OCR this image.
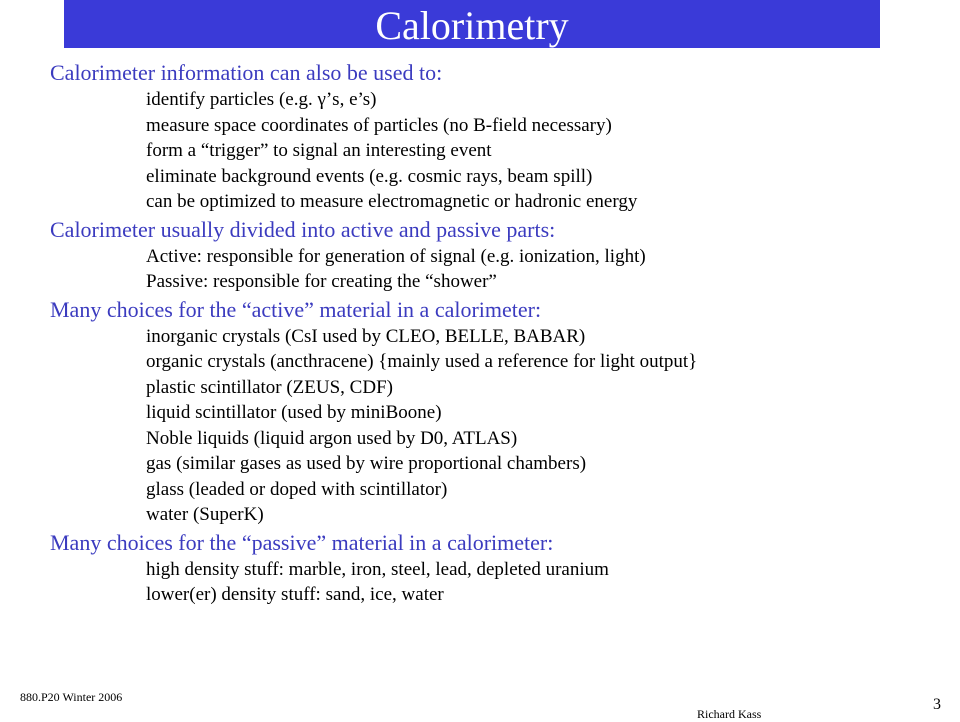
Calorimetry
Calorimeter information can also be used to:
identify particles (e.g. γ’s, e’s)
measure space coordinates of particles (no B-field necessary)
form a “trigger” to signal an interesting event
eliminate background events (e.g. cosmic rays, beam spill)
can be optimized to measure electromagnetic or hadronic energy
Calorimeter usually divided into active and passive parts:
Active: responsible for generation of signal (e.g. ionization, light)
Passive: responsible for creating the “shower”
Many choices for the “active” material in a calorimeter:
inorganic crystals (CsI used by CLEO, BELLE, BABAR)
organic crystals (ancthracene) {mainly used a reference for light output}
plastic scintillator (ZEUS, CDF)
liquid scintillator (used by miniBoone)
Noble liquids (liquid argon used by D0, ATLAS)
gas (similar gases as used by wire proportional chambers)
glass (leaded or doped with scintillator)
water (SuperK)
Many choices for the “passive” material in a calorimeter:
high density stuff: marble, iron, steel, lead, depleted uranium
lower(er) density stuff: sand, ice, water
880.P20 Winter 2006
Richard Kass
3
